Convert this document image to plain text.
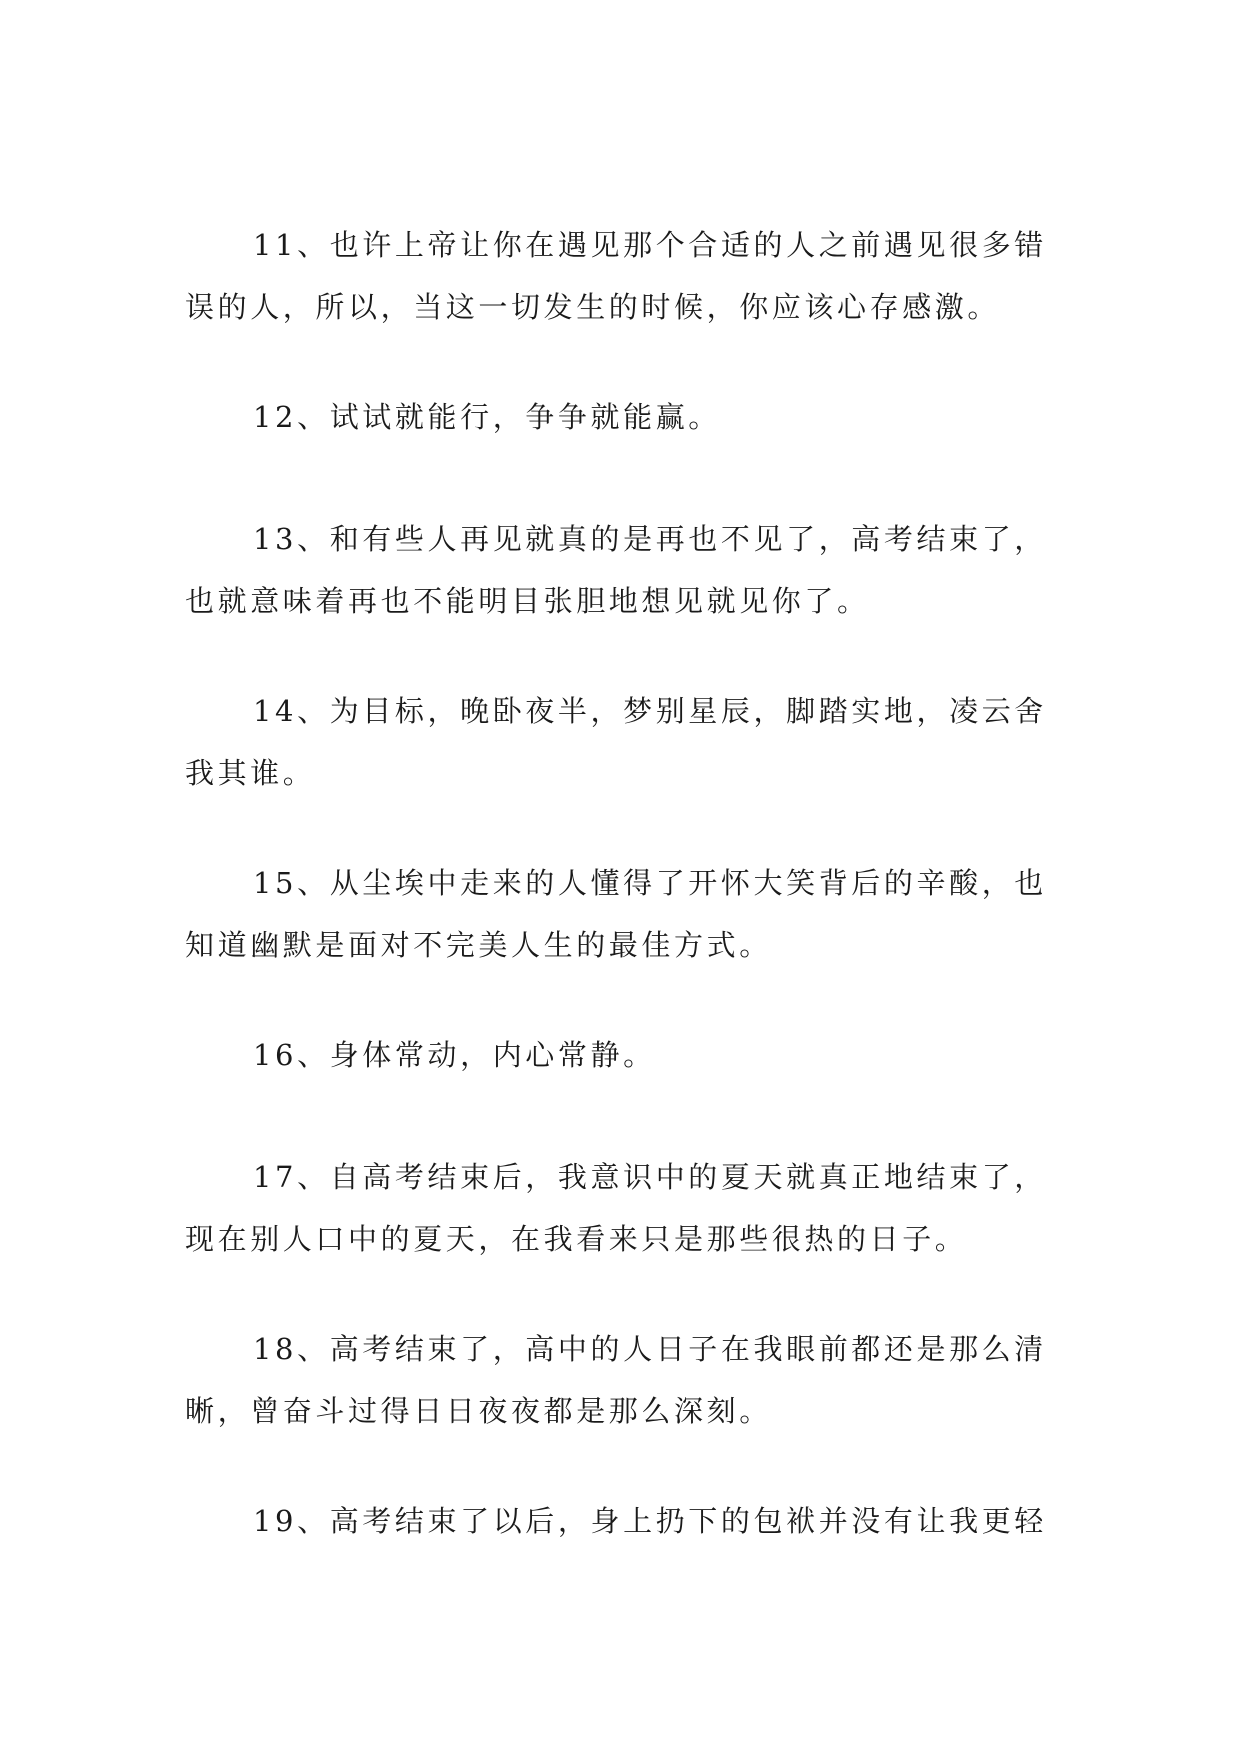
11、也许上帝让你在遇见那个合适的人之前遇见很多错误的人，所以，当这一切发生的时候，你应该心存感激。

12、试试就能行，争争就能赢。

13、和有些人再见就真的是再也不见了，高考结束了，也就意味着再也不能明目张胆地想见就见你了。

14、为目标，晚卧夜半，梦别星辰，脚踏实地，凌云舍我其谁。

15、从尘埃中走来的人懂得了开怀大笑背后的辛酸，也知道幽默是面对不完美人生的最佳方式。

16、身体常动，内心常静。

17、自高考结束后，我意识中的夏天就真正地结束了，现在别人口中的夏天，在我看来只是那些很热的日子。

18、高考结束了，高中的人日子在我眼前都还是那么清晰，曾奋斗过得日日夜夜都是那么深刻。

19、高考结束了以后，身上扔下的包袱并没有让我更轻
